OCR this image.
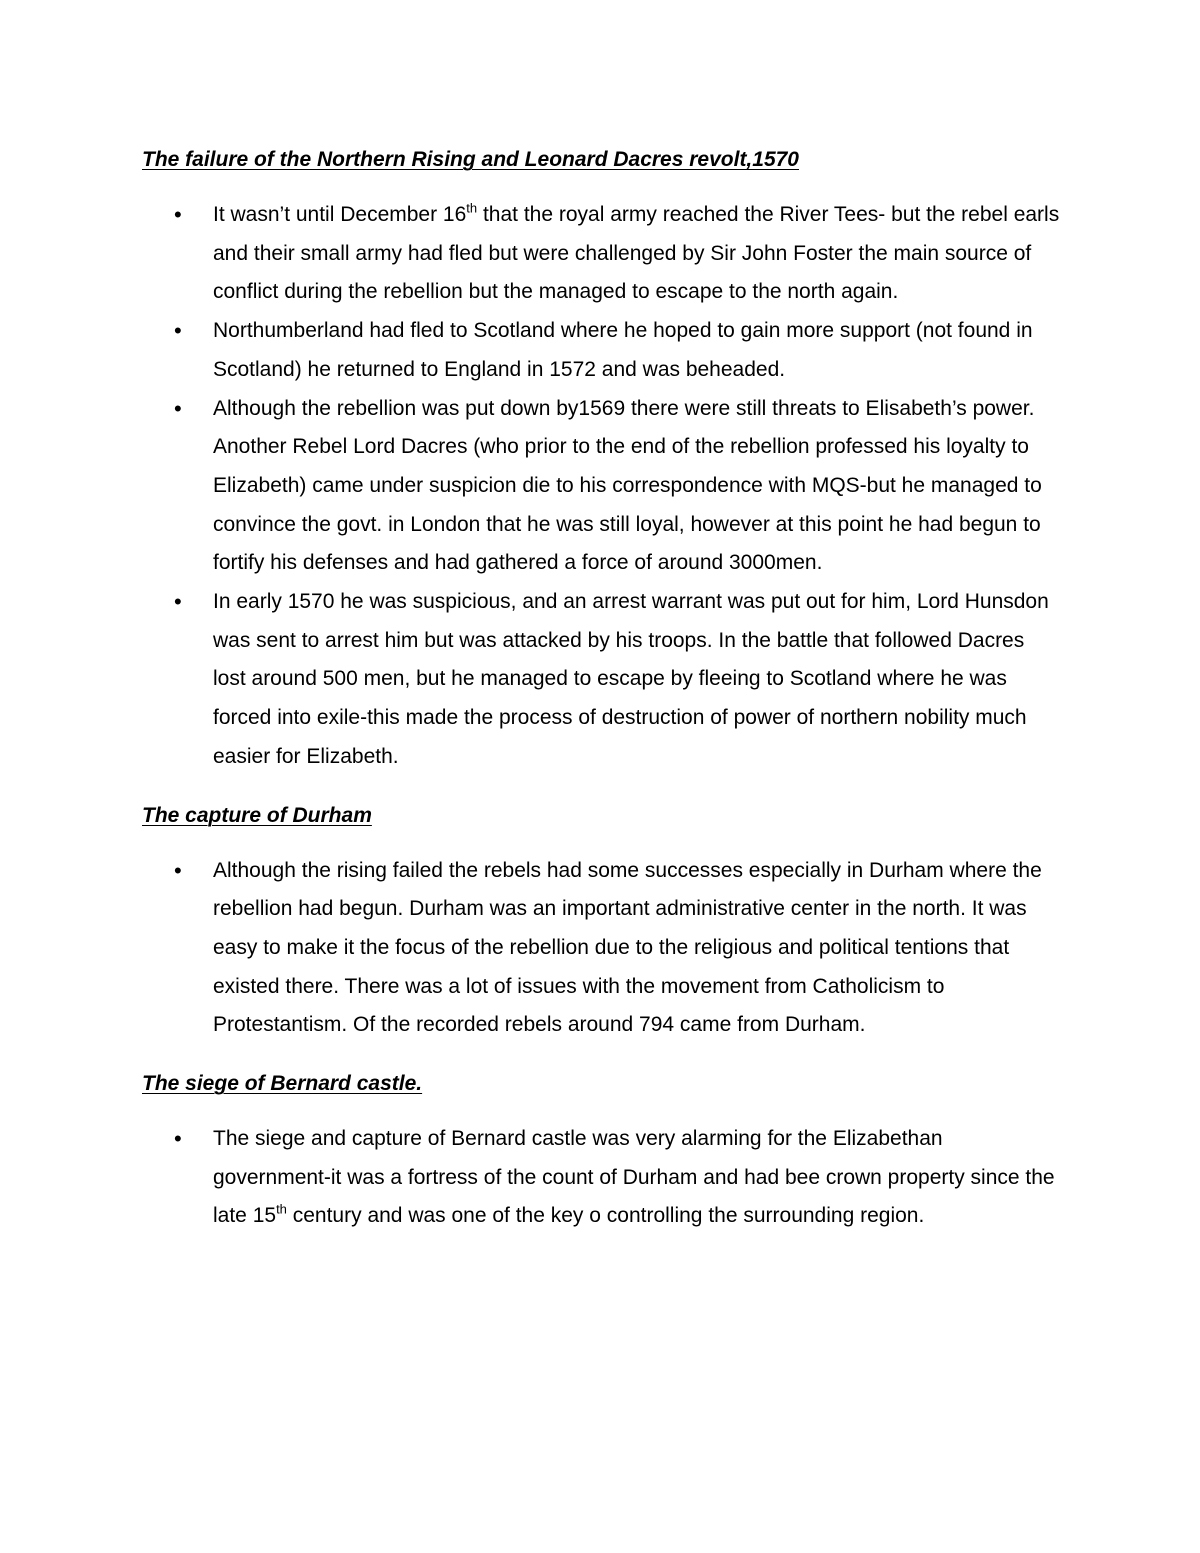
The failure of the Northern Rising and Leonard Dacres revolt,1570

• It wasn’t until December 16th that the royal army reached the River Tees- but the rebel earls and their small army had fled but were challenged by Sir John Foster the main source of conflict during the rebellion but the managed to escape to the north again.
• Northumberland had fled to Scotland where he hoped to gain more support (not found in Scotland) he returned to England in 1572 and was beheaded.
• Although the rebellion was put down by1569 there were still threats to Elisabeth’s power. Another Rebel Lord Dacres (who prior to the end of the rebellion professed his loyalty to Elizabeth) came under suspicion die to his correspondence with MQS-but he managed to convince the govt. in London that he was still loyal, however at this point he had begun to fortify his defenses and had gathered a force of around 3000men.
• In early 1570 he was suspicious, and an arrest warrant was put out for him, Lord Hunsdon was sent to arrest him but was attacked by his troops. In the battle that followed Dacres lost around 500 men, but he managed to escape by fleeing to Scotland where he was forced into exile-this made the process of destruction of power of northern nobility much easier for Elizabeth.

The capture of Durham

• Although the rising failed the rebels had some successes especially in Durham where the rebellion had begun. Durham was an important administrative center in the north. It was easy to make it the focus of the rebellion due to the religious and political tentions that existed there. There was a lot of issues with the movement from Catholicism to Protestantism. Of the recorded rebels around 794 came from Durham.

The siege of Bernard castle.

• The siege and capture of Bernard castle was very alarming for the Elizabethan government-it was a fortress of the count of Durham and had bee crown property since the late 15th century and was one of the key o controlling the surrounding region.
